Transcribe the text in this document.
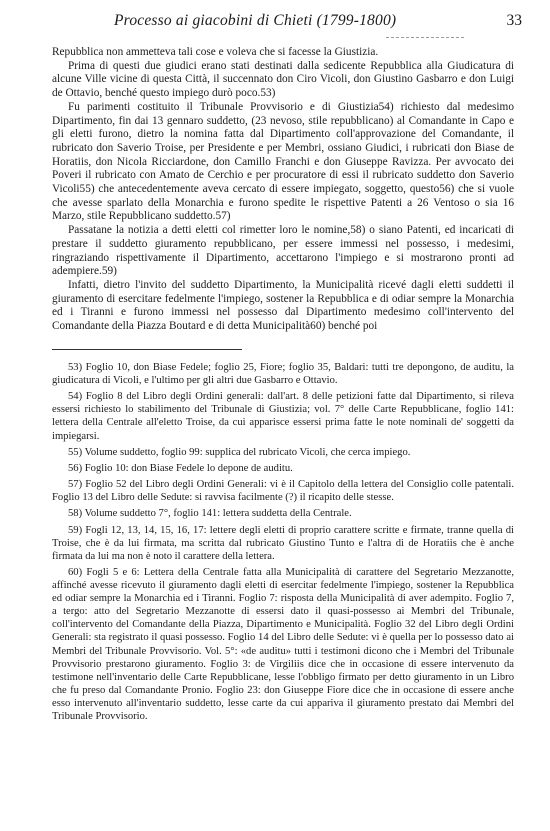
Processo ai giacobini di Chieti (1799-1800)	33

Repubblica non ammetteva tali cose e voleva che si facesse la Giustizia.

Prima di questi due giudici erano stati destinati dalla sedicente Repubblica alla Giudicatura di alcune Ville vicine di questa Città, il succennato don Ciro Vicoli, don Giustino Gasbarro e don Luigi de Ottavio, benché questo impiego durò poco.53)

Fu parimenti costituito il Tribunale Provvisorio e di Giustizia54) richiesto dal medesimo Dipartimento, fin dai 13 gennaro suddetto, (23 nevoso, stile repubblicano) al Comandante in Capo e gli eletti furono, dietro la nomina fatta dal Dipartimento coll'approvazione del Comandante, il rubricato don Saverio Troise, per Presidente e per Membri, ossiano Giudici, i rubricati don Biase de Horatiis, don Nicola Ricciardone, don Camillo Franchi e don Giuseppe Ravizza. Per avvocato dei Poveri il rubricato con Amato de Cerchio e per procuratore di essi il rubricato suddetto don Saverio Vicoli55) che antecedentemente aveva cercato di essere impiegato, soggetto, questo56) che si vuole che avesse sparlato della Monarchia e furono spedite le rispettive Patenti a 26 Ventoso o sia 16 Marzo, stile Repubblicano suddetto.57)

Passatane la notizia a detti eletti col rimetter loro le nomine,58) o siano Patenti, ed incaricati di prestare il suddetto giuramento repubblicano, per essere immessi nel possesso, i medesimi, ringraziando rispettivamente il Dipartimento, accettarono l'impiego e si mostrarono pronti ad adempiere.59)

Infatti, dietro l'invito del suddetto Dipartimento, la Municipalità ricevé dagli eletti suddetti il giuramento di esercitare fedelmente l'impiego, sostener la Repubblica e di odiar sempre la Monarchia ed i Tiranni e furono immessi nel possesso dal Dipartimento medesimo coll'intervento del Comandante della Piazza Boutard e di detta Municipalità60) benché poi

53) Foglio 10, don Biase Fedele; foglio 25, Fiore; foglio 35, Baldari: tutti tre depongono, de auditu, la giudicatura di Vicoli, e l'ultimo per gli altri due Gasbarro e Ottavio.

54) Foglio 8 del Libro degli Ordini generali: dall'art. 8 delle petizioni fatte dal Dipartimento, si rileva essersi richiesto lo stabilimento del Tribunale di Giustizia; vol. 7° delle Carte Repubblicane, foglio 141: lettera della Centrale all'eletto Troise, da cui apparisce essersi prima fatte le note nominali de' soggetti da impiegarsi.

55) Volume suddetto, foglio 99: supplica del rubricato Vicoli, che cerca impiego.

56) Foglio 10: don Biase Fedele lo depone de auditu.

57) Foglio 52 del Libro degli Ordini Generali: vi è il Capitolo della lettera del Consiglio colle patentali. Foglio 13 del Libro delle Sedute: si ravvisa facilmente (?) il ricapito delle stesse.

58) Volume suddetto 7°, foglio 141: lettera suddetta della Centrale.

59) Fogli 12, 13, 14, 15, 16, 17: lettere degli eletti di proprio carattere scritte e firmate, tranne quella di Troise, che è da lui firmata, ma scritta dal rubricato Giustino Tunto e l'altra di de Horatiis che è anche firmata da lui ma non è noto il carattere della lettera.

60) Fogli 5 e 6: Lettera della Centrale fatta alla Municipalità di carattere del Segretario Mezzanotte, affinché avesse ricevuto il giuramento dagli eletti di esercitar fedelmente l'impiego, sostener la Repubblica ed odiar sempre la Monarchia ed i Tiranni. Foglio 7: risposta della Municipalità di aver adempito. Foglio 7, a tergo: atto del Segretario Mezzanotte di essersi dato il quasi-possesso ai Membri del Tribunale, coll'intervento del Comandante della Piazza, Dipartimento e Municipalità. Foglio 32 del Libro degli Ordini Generali: sta registrato il quasi possesso. Foglio 14 del Libro delle Sedute: vi è quella per lo possesso dato ai Membri del Tribunale Provvisorio. Vol. 5°: «de auditu» tutti i testimoni dicono che i Membri del Tribunale Provvisorio prestarono giuramento. Foglio 3: de Virgiliis dice che in occasione di essere intervenuto da testimone nell'inventario delle Carte Repubblicane, lesse l'obbligo firmato per detto giuramento in un Libro che fu preso dal Comandante Pronio. Foglio 23: don Giuseppe Fiore dice che in occasione di essere anche esso intervenuto all'inventario suddetto, lesse carte da cui appariva il giuramento prestato dai Membri del Tribunale Provvisorio.
